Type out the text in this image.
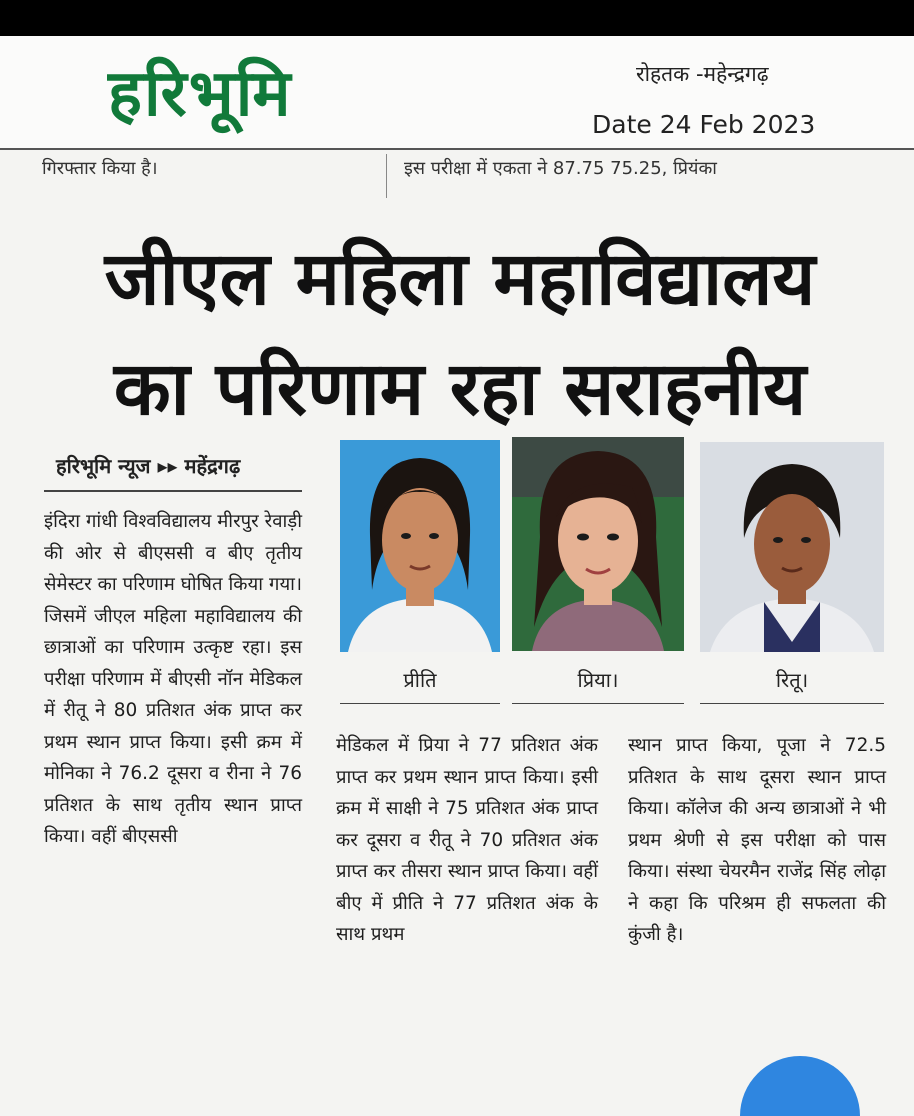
हरिभूमि	रोहतक -महेन्द्रगढ़
Date 24 Feb 2023
गिरफ्तार किया है।	इस परीक्षा में एकता ने 87.75 75.25, प्रियंका
जीएल महिला महाविद्यालय
का परिणाम रहा सराहनीय
हरिभूमि न्यूज ▸▸ महेंद्रगढ़
प्रीति	प्रिया।	रितू।
इंदिरा गांधी विश्वविद्यालय मीरपुर रेवाड़ी की ओर से बीएससी व बीए तृतीय सेमेस्टर का परिणाम घोषित किया गया। जिसमें जीएल महिला महाविद्यालय की छात्राओं का परिणाम उत्कृष्ट रहा। इस परीक्षा परिणाम में बीएसी नॉन मेडिकल में रीतू ने 80 प्रतिशत अंक प्राप्त कर प्रथम स्थान प्राप्त किया। इसी क्रम में मोनिका ने 76.2 दूसरा व रीना ने 76 प्रतिशत के साथ तृतीय स्थान प्राप्त किया। वहीं बीएससी
मेडिकल में प्रिया ने 77 प्रतिशत अंक प्राप्त कर प्रथम स्थान प्राप्त किया। इसी क्रम में साक्षी ने 75 प्रतिशत अंक प्राप्त कर दूसरा व रीतू ने 70 प्रतिशत अंक प्राप्त कर तीसरा स्थान प्राप्त किया। वहीं बीए में प्रीति ने 77 प्रतिशत अंक के साथ प्रथम
स्थान प्राप्त किया, पूजा ने 72.5 प्रतिशत के साथ दूसरा स्थान प्राप्त किया। कॉलेज की अन्य छात्राओं ने भी प्रथम श्रेणी से इस परीक्षा को पास किया। संस्था चेयरमैन राजेंद्र सिंह लोढ़ा ने कहा कि परिश्रम ही सफलता की कुंजी है।
